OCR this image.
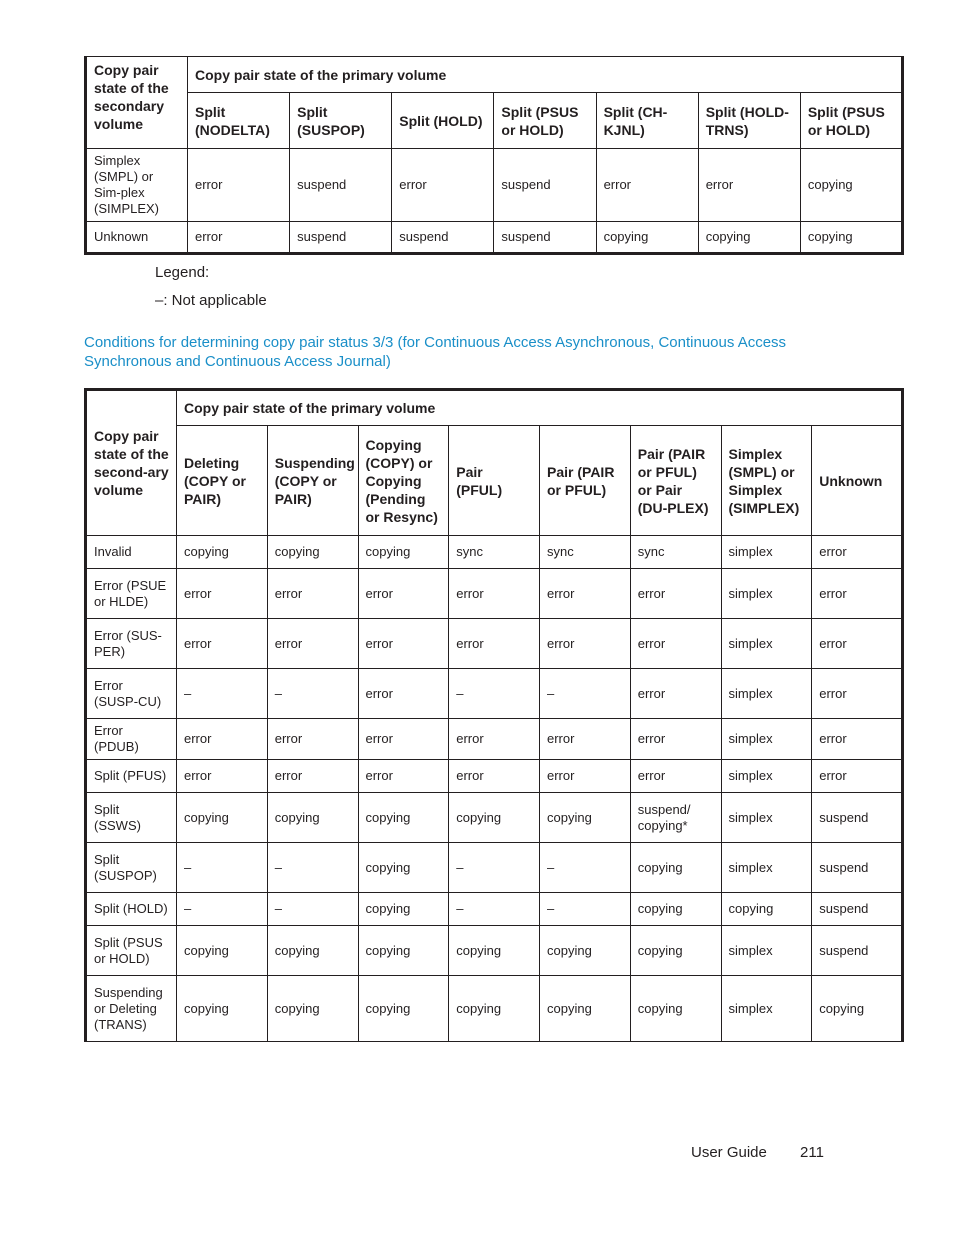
Copy pair state of the secondary volume	Copy pair state of the primary volume						
	Split (NODELTA)	Split (SUSPOP)	Split (HOLD)	Split (PSUS or HOLD)	Split (CH-KJNL)	Split (HOLD-TRNS)	Split (PSUS or HOLD)
Simplex (SMPL) or Sim-plex (SIMPLEX)	error	suspend	error	suspend	error	error	copying
Unknown	error	suspend	suspend	suspend	copying	copying	copying
Legend:
–: Not applicable
Conditions for determining copy pair status 3/3 (for Continuous Access Asynchronous, Continuous Access Synchronous and Continuous Access Journal)
Copy pair state of the second-ary volume	Copy pair state of the primary volume							
	Deleting (COPY or PAIR)	Suspending (COPY or PAIR)	Copying (COPY) or Copying (Pending or Resync)	Pair (PFUL)	Pair (PAIR or PFUL)	Pair (PAIR or PFUL) or Pair (DU-PLEX)	Simplex (SMPL) or Simplex (SIMPLEX)	Unknown
Invalid	copying	copying	copying	sync	sync	sync	simplex	error
Error (PSUE or HLDE)	error	error	error	error	error	error	simplex	error
Error (SUS-PER)	error	error	error	error	error	error	simplex	error
Error (SUSP-CU)	–	–	error	–	–	error	simplex	error
Error (PDUB)	error	error	error	error	error	error	simplex	error
Split (PFUS)	error	error	error	error	error	error	simplex	error
Split (SSWS)	copying	copying	copying	copying	copying	suspend/ copying*	simplex	suspend
Split (SUSPOP)	–	–	copying	–	–	copying	simplex	suspend
Split (HOLD)	–	–	copying	–	–	copying	copying	suspend
Split (PSUS or HOLD)	copying	copying	copying	copying	copying	copying	simplex	suspend
Suspending or Deleting (TRANS)	copying	copying	copying	copying	copying	copying	simplex	copying
User Guide 211
